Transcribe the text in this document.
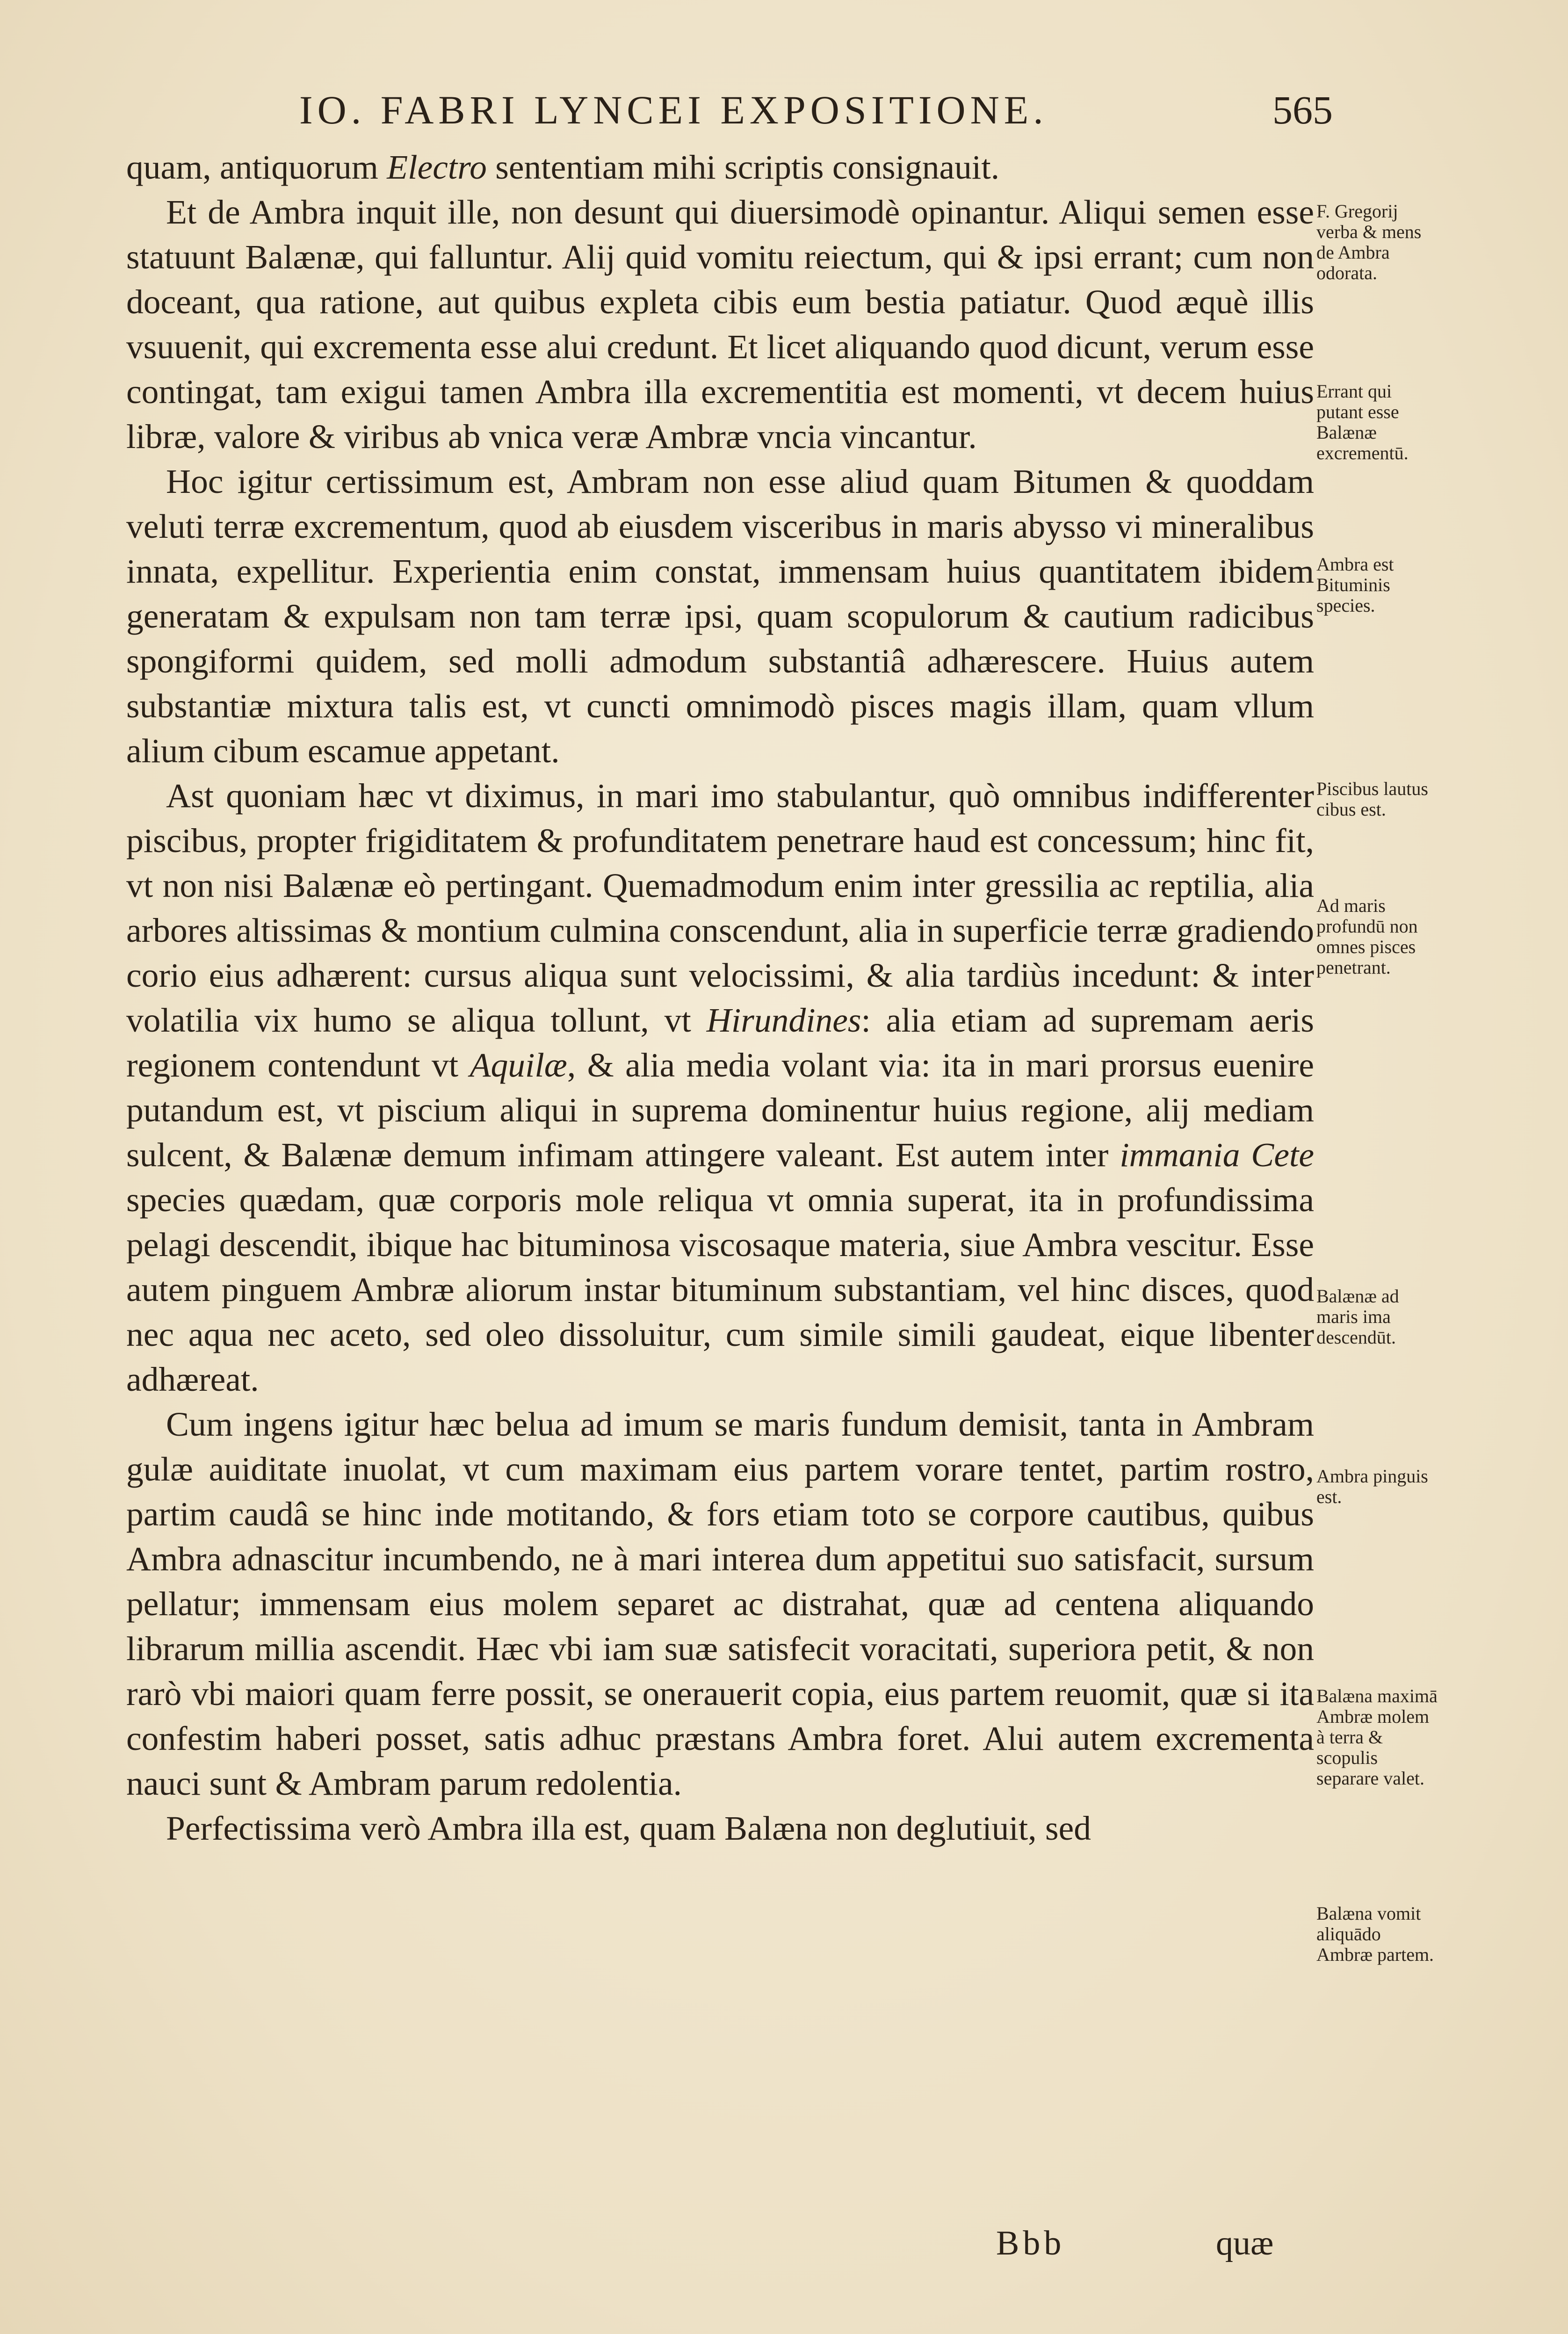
IO. FABRI LYNCEI EXPOSITIONE.	565

quam, antiquorum Electro sententiam mihi scriptis consignauit.

Et de Ambra inquit ille, non desunt qui diuersimodè opinantur. Aliqui semen esse statuunt Balænæ, qui falluntur. Alij quid vomitu reiectum, qui & ipsi errant; cum non doceant, qua ratione, aut quibus expleta cibis eum bestia patiatur. Quod æquè illis vsuuenit, qui excrementa esse alui credunt. Et licet aliquando quod dicunt, verum esse contingat, tam exigui tamen Ambra illa excrementitia est momenti, vt decem huius libræ, valore & viribus ab vnica veræ Ambræ vncia vincantur.

Hoc igitur certissimum est, Ambram non esse aliud quam Bitumen & quoddam veluti terræ excrementum, quod ab eiusdem visceribus in maris abysso vi mineralibus innata, expellitur. Experientia enim constat, immensam huius quantitatem ibidem generatam & expulsam non tam terræ ipsi, quam scopulorum & cautium radicibus spongiformi quidem, sed molli admodum substantiâ adhærescere. Huius autem substantiæ mixtura talis est, vt cuncti omnimodò pisces magis illam, quam vllum alium cibum escamue appetant.

Ast quoniam hæc vt diximus, in mari imo stabulantur, quò omnibus indifferenter piscibus, propter frigiditatem & profunditatem penetrare haud est concessum; hinc fit, vt non nisi Balænæ eò pertingant. Quemadmodum enim inter gressilia ac reptilia, alia arbores altissimas & montium culmina conscendunt, alia in superficie terræ gradiendo corio eius adhærent: cursus aliqua sunt velocissimi, & alia tardiùs incedunt: & inter volatilia vix humo se aliqua tollunt, vt Hirundines: alia etiam ad supremam aeris regionem contendunt vt Aquilæ, & alia media volant via: ita in mari prorsus euenire putandum est, vt piscium aliqui in suprema dominentur huius regione, alij mediam sulcent, & Balænæ demum infimam attingere valeant. Est autem inter immania Cete species quædam, quæ corporis mole reliqua vt omnia superat, ita in profundissima pelagi descendit, ibique hac bituminosa viscosaque materia, siue Ambra vescitur. Esse autem pinguem Ambræ aliorum instar bituminum substantiam, vel hinc disces, quod nec aqua nec aceto, sed oleo dissoluitur, cum simile simili gaudeat, eique libenter adhæreat.

Cum ingens igitur hæc belua ad imum se maris fundum demisit, tanta in Ambram gulæ auiditate inuolat, vt cum maximam eius partem vorare tentet, partim rostro, partim caudâ se hinc inde motitando, & fors etiam toto se corpore cautibus, quibus Ambra adnascitur incumbendo, ne à mari interea dum appetitui suo satisfacit, sursum pellatur; immensam eius molem separet ac distrahat, quæ ad centena aliquando librarum millia ascendit. Hæc vbi iam suæ satisfecit voracitati, superiora petit, & non rarò vbi maiori quam ferre possit, se onerauerit copia, eius partem reuomit, quæ si ita confestim haberi posset, satis adhuc præstans Ambra foret. Alui autem excrementa nauci sunt & Ambram parum redolentia.

Perfectissima verò Ambra illa est, quam Balæna non deglutiuit, sed

F. Gregorij verba & mens de Ambra odorata.
Errant qui putant esse Balænæ excrementū.
Ambra est Bituminis species.
Piscibus lautus cibus est.
Ad maris profundū non omnes pisces penetrant.
Balænæ ad maris ima descendūt.
Ambra pinguis est.
Balæna maximā Ambræ molem à terra & scopulis separare valet.
Balæna vomit aliquādo Ambræ partem.
Bbb	quæ
